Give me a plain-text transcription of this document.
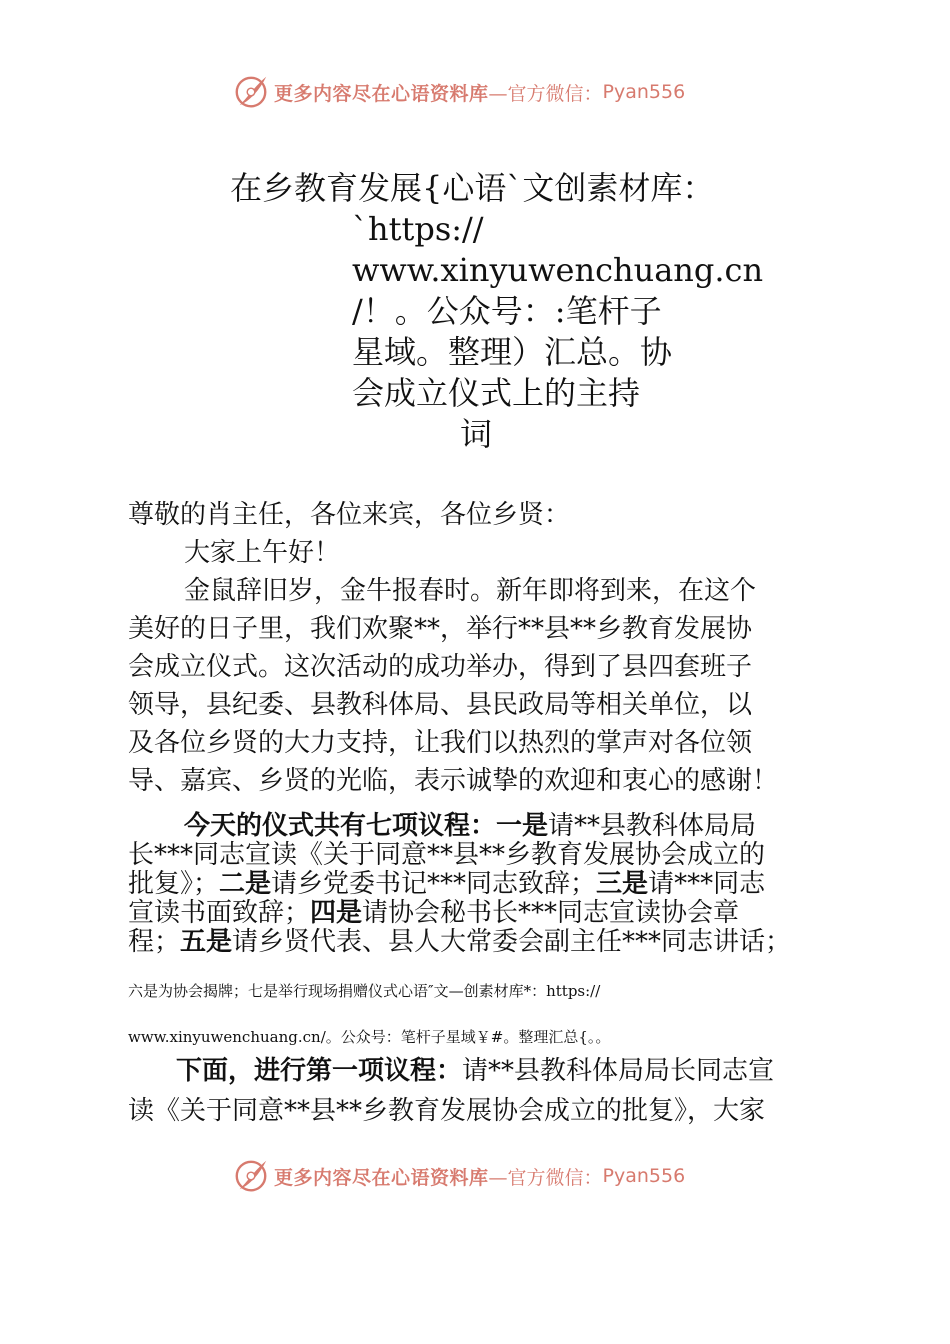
更多内容尽在心语资料库 —官方微信： Pyan556
在乡教育发展{心语`文创素材库：
`https://
www.xinyuwenchuang.cn
/！。公众号：:笔杆子
星域。整理）汇总。协
会成立仪式上的主持
词
尊敬的肖主任，各位来宾，各位乡贤：
大家上午好！
金鼠辞旧岁，金牛报春时。新年即将到来，在这个
美好的日子里，我们欢聚**，举行**县**乡教育发展协
会成立仪式。这次活动的成功举办，得到了县四套班子
领导，县纪委、县教科体局、县民政局等相关单位，以
及各位乡贤的大力支持，让我们以热烈的掌声对各位领
导、嘉宾、乡贤的光临，表示诚挚的欢迎和衷心的感谢！
今天的仪式共有七项议程：一是请**县教科体局局
长***同志宣读《关于同意**县**乡教育发展协会成立的
批复》；二是请乡党委书记***同志致辞；三是请***同志
宣读书面致辞；四是请协会秘书长***同志宣读协会章
程；五是请乡贤代表、县人大常委会副主任***同志讲话；
六是为协会揭牌；七是举行现场捐赠仪式心语″文—创素材库*：https://
www.xinyuwenchuang.cn/。公众号：笔杆子星域￥#。整理汇总{。。
下面，进行第一项议程：请**县教科体局局长同志宣
读《关于同意**县**乡教育发展协会成立的批复》，大家
更多内容尽在心语资料库 —官方微信： Pyan556
